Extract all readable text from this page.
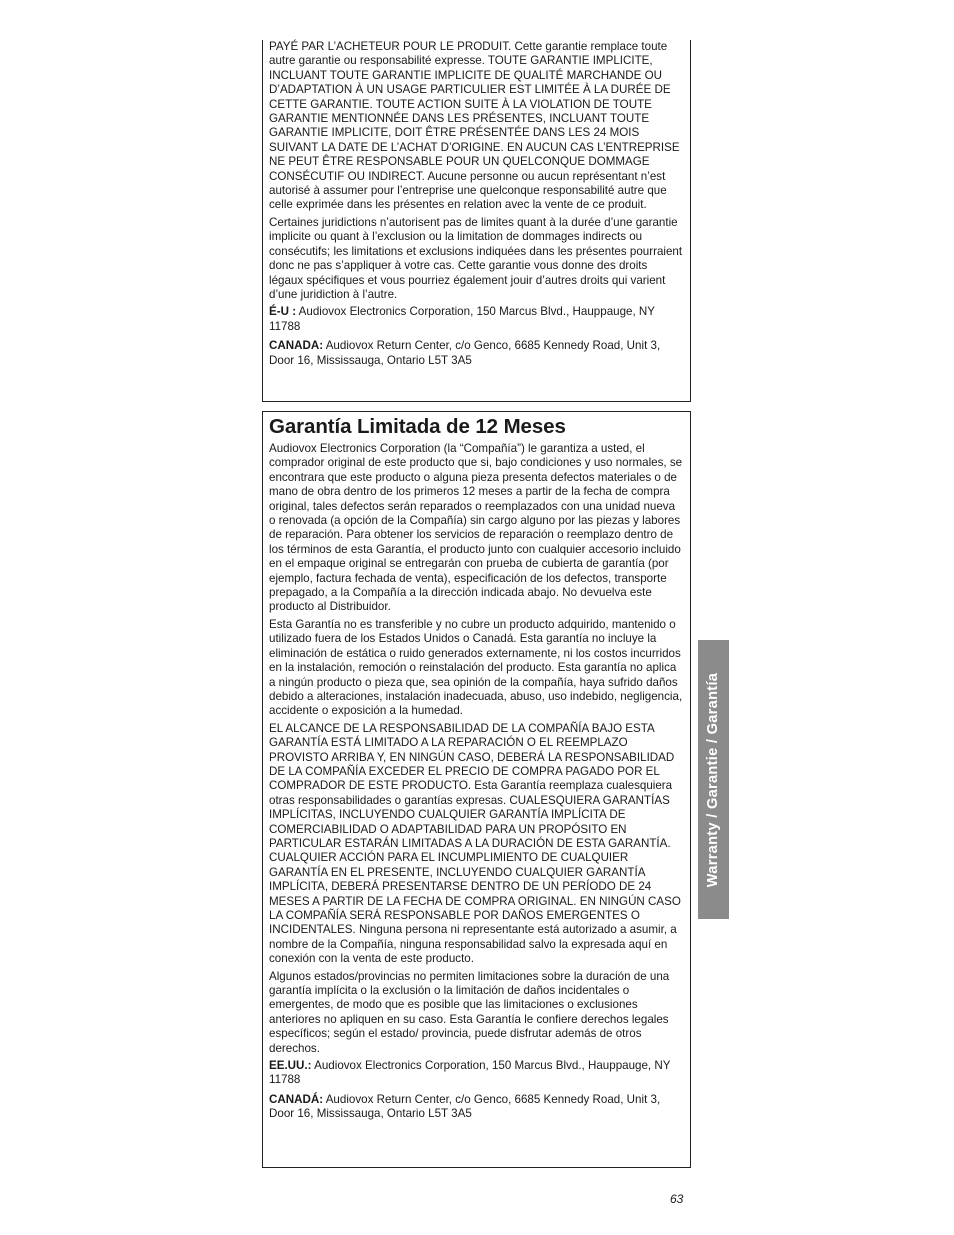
PAYÉ PAR L’ACHETEUR POUR LE PRODUIT. Cette garantie remplace toute autre garantie ou responsabilité expresse. TOUTE GARANTIE IMPLICITE, INCLUANT TOUTE GARANTIE IMPLICITE DE QUALITÉ MARCHANDE OU D’ADAPTATION À UN USAGE PARTICULIER EST LIMITÉE À LA DURÉE DE CETTE GARANTIE. TOUTE ACTION SUITE À LA VIOLATION DE TOUTE GARANTIE MENTIONNÉE DANS LES PRÉSENTES, INCLUANT TOUTE GARANTIE IMPLICITE, DOIT ÊTRE PRÉSENTÉE DANS LES 24 MOIS SUIVANT LA DATE DE L’ACHAT D’ORIGINE. EN AUCUN CAS L’ENTREPRISE NE PEUT ÊTRE RESPONSABLE POUR UN QUELCONQUE DOMMAGE CONSÉCUTIF OU INDIRECT. Aucune personne ou aucun représentant n’est autorisé à assumer pour l’entreprise une quelconque responsabilité autre que celle exprimée dans les présentes en relation avec la vente de ce produit.

Certaines juridictions n’autorisent pas de limites quant à la durée d’une garantie implicite ou quant à l’exclusion ou la limitation de dommages indirects ou consécutifs; les limitations et exclusions indiquées dans les présentes pourraient donc ne pas s’appliquer à votre cas. Cette garantie vous donne des droits légaux spécifiques et vous pourriez également jouir d’autres droits qui varient d’une juridiction à l’autre.

É-U : Audiovox Electronics Corporation, 150 Marcus Blvd., Hauppauge, NY 11788

CANADA: Audiovox Return Center, c/o Genco, 6685 Kennedy Road, Unit 3, Door 16, Mississauga, Ontario L5T 3A5

Garantía Limitada de 12 Meses

Audiovox Electronics Corporation (la “Compañía”) le garantiza a usted, el comprador original de este producto que si, bajo condiciones y uso normales, se encontrara que este producto o alguna pieza presenta defectos materiales o de mano de obra dentro de los primeros 12 meses a partir de la fecha de compra original, tales defectos serán reparados o reemplazados con una unidad nueva o renovada (a opción de la Compañía) sin cargo alguno por las piezas y labores de reparación. Para obtener los servicios de reparación o reemplazo dentro de los términos de esta Garantía, el producto junto con cualquier accesorio incluido en el empaque original se entregarán con prueba de cubierta de garantía (por ejemplo, factura fechada de venta), especificación de los defectos, transporte prepagado, a la Compañía a la dirección indicada abajo. No devuelva este producto al Distribuidor.

Esta Garantía no es transferible y no cubre un producto adquirido, mantenido o utilizado fuera de los Estados Unidos o Canadá. Esta garantía no incluye la eliminación de estática o ruido generados externamente, ni los costos incurridos en la instalación, remoción o reinstalación del producto. Esta garantía no aplica a ningún producto o pieza que, sea opinión de la compañía, haya sufrido daños debido a alteraciones, instalación inadecuada, abuso, uso indebido, negligencia, accidente o exposición a la humedad.

EL ALCANCE DE LA RESPONSABILIDAD DE LA COMPAÑÍA BAJO ESTA GARANTÍA ESTÁ LIMITADO A LA REPARACIÓN O EL REEMPLAZO PROVISTO ARRIBA Y, EN NINGÚN CASO, DEBERÁ LA RESPONSABILIDAD DE LA COMPAÑÍA EXCEDER EL PRECIO DE COMPRA PAGADO POR EL COMPRADOR DE ESTE PRODUCTO. Esta Garantía reemplaza cualesquiera otras responsabilidades o garantías expresas. CUALESQUIERA GARANTÍAS IMPLÍCITAS, INCLUYENDO CUALQUIER GARANTÍA IMPLÍCITA DE COMERCIABILIDAD O ADAPTABILIDAD PARA UN PROPÓSITO EN PARTICULAR ESTARÁN LIMITADAS A LA DURACIÓN DE ESTA GARANTÍA. CUALQUIER ACCIÓN PARA EL INCUMPLIMIENTO DE CUALQUIER GARANTÍA EN EL PRESENTE, INCLUYENDO CUALQUIER GARANTÍA IMPLÍCITA, DEBERÁ PRESENTARSE DENTRO DE UN PERÍODO DE 24 MESES A PARTIR DE LA FECHA DE COMPRA ORIGINAL. EN NINGÚN CASO LA COMPAÑÍA SERÁ RESPONSABLE POR DAÑOS EMERGENTES O INCIDENTALES. Ninguna persona ni representante está autorizado a asumir, a nombre de la Compañía, ninguna responsabilidad salvo la expresada aquí en conexión con la venta de este producto.

Algunos estados/provincias no permiten limitaciones sobre la duración de una garantía implícita o la exclusión o la limitación de daños incidentales o emergentes, de modo que es posible que las limitaciones o exclusiones anteriores no apliquen en su caso. Esta Garantía le confiere derechos legales específicos; según el estado/ provincia, puede disfrutar además de otros derechos.

EE.UU.: Audiovox Electronics Corporation, 150 Marcus Blvd., Hauppauge, NY 11788

CANADÁ: Audiovox Return Center, c/o Genco, 6685 Kennedy Road, Unit 3, Door 16, Mississauga, Ontario L5T 3A5

Warranty / Garantie / Garantía
63
